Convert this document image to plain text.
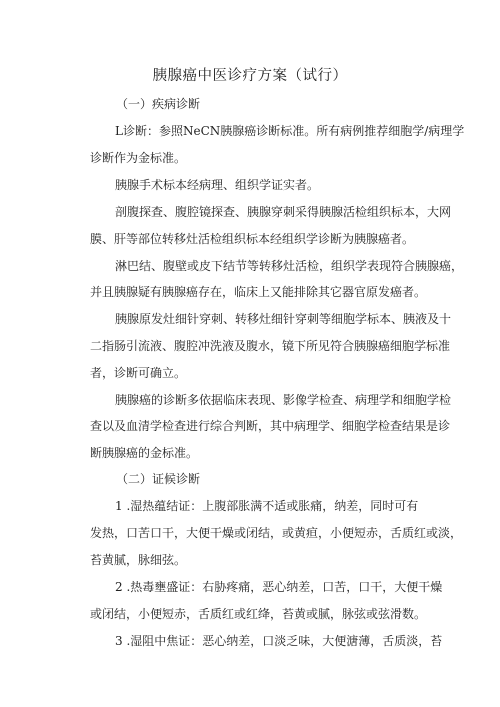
胰腺癌中医诊疗方案（试行）
（一）疾病诊断
L诊断：参照NeCN胰腺癌诊断标准。所有病例推荐细胞学/病理学
诊断作为金标准。
胰腺手术标本经病理、组织学证实者。
剖腹探查、腹腔镜探查、胰腺穿刺采得胰腺活检组织标本，大网
膜、肝等部位转移灶活检组织标本经组织学诊断为胰腺癌者。
淋巴结、腹壁或皮下结节等转移灶活检，组织学表现符合胰腺癌，
并且胰腺疑有胰腺癌存在，临床上又能排除其它器官原发癌者。
胰腺原发灶细针穿刺、转移灶细针穿刺等细胞学标本、胰液及十
二指肠引流液、腹腔冲洗液及腹水，镜下所见符合胰腺癌细胞学标准
者，诊断可确立。
胰腺癌的诊断多依据临床表现、影像学检查、病理学和细胞学检
查以及血清学检查进行综合判断，其中病理学、细胞学检查结果是诊
断胰腺癌的金标准。
（二）证候诊断
1 .湿热蕴结证：上腹部胀满不适或胀痛，纳差，同时可有
发热，口苦口干，大便干燥或闭结，或黄疸，小便短赤，舌质红或淡，
苔黄腻，脉细弦。
2 .热毒壅盛证：右胁疼痛，恶心纳差，口苦，口干，大便干燥
或闭结，小便短赤，舌质红或红绛，苔黄或腻，脉弦或弦滑数。
3 .湿阻中焦证：恶心纳差，口淡乏味，大便溏薄，舌质淡，苔
